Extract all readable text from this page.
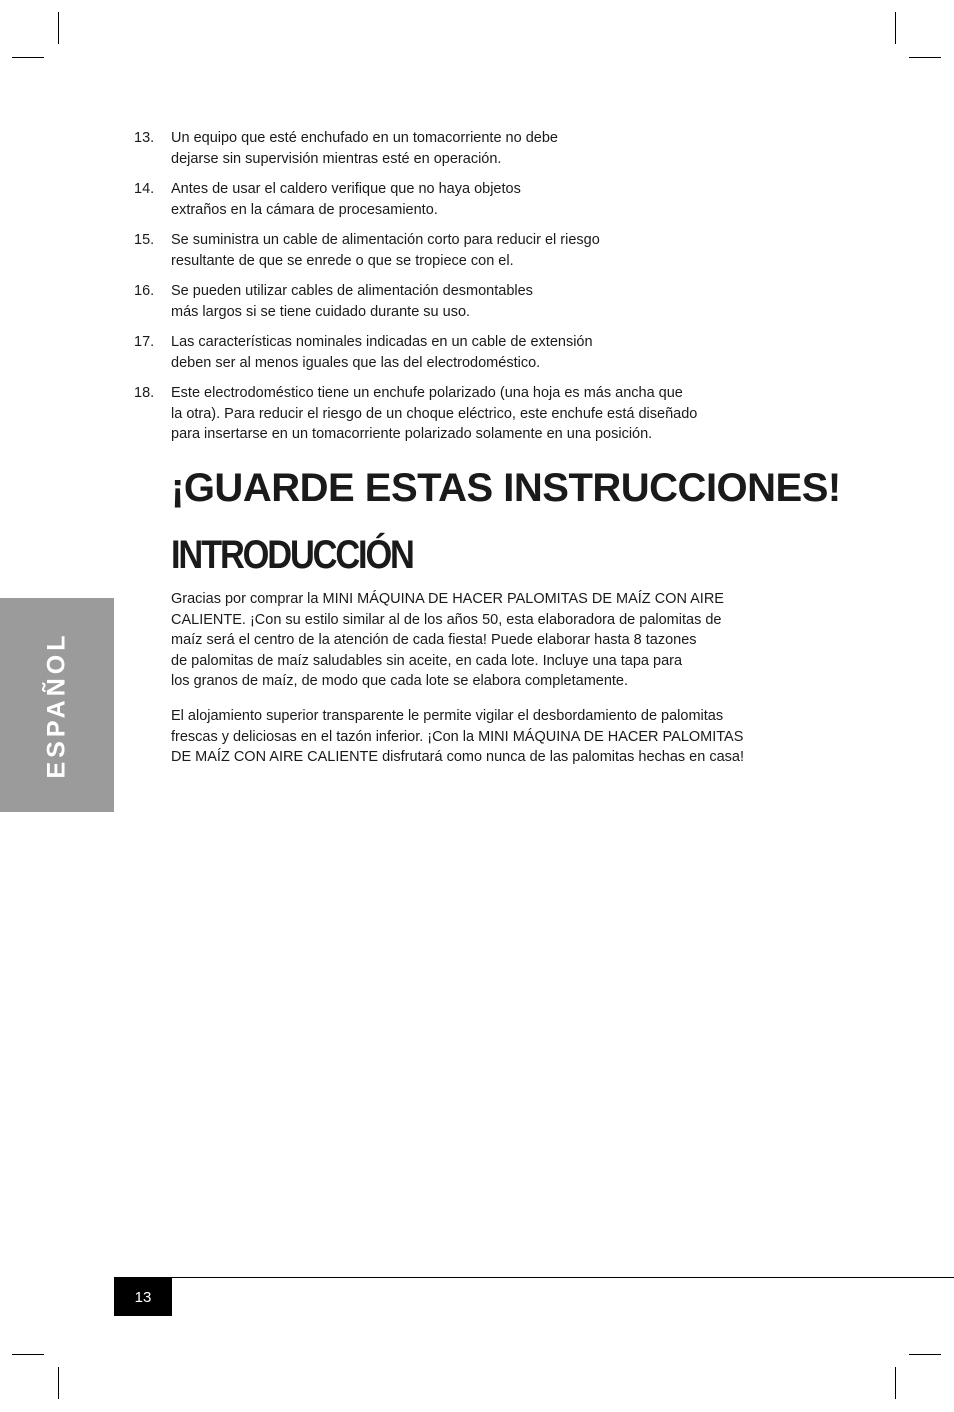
13. Un equipo que esté enchufado en un tomacorriente no debe
dejarse sin supervisión mientras esté en operación.
14. Antes de usar el caldero verifique que no haya objetos
extraños en la cámara de procesamiento.
15. Se suministra un cable de alimentación corto para reducir el riesgo
resultante de que se enrede o que se tropiece con el.
16. Se pueden utilizar cables de alimentación desmontables
más largos si se tiene cuidado durante su uso.
17. Las características nominales indicadas en un cable de extensión
deben ser al menos iguales que las del electrodoméstico.
18. Este electrodoméstico tiene un enchufe polarizado (una hoja es más ancha que
la otra). Para reducir el riesgo de un choque eléctrico, este enchufe está diseñado
para insertarse en un tomacorriente polarizado solamente en una posición.
¡GUARDE ESTAS INSTRUCCIONES!
INTRODUCCIÓN

Gracias por comprar la MINI MÁQUINA DE HACER PALOMITAS DE MAÍZ CON AIRE
CALIENTE. ¡Con su estilo similar al de los años 50, esta elaboradora de palomitas de
maíz será el centro de la atención de cada fiesta! Puede elaborar hasta 8 tazones
de palomitas de maíz saludables sin aceite, en cada lote. Incluye una tapa para
los granos de maíz, de modo que cada lote se elabora completamente.

El alojamiento superior transparente le permite vigilar el desbordamiento de palomitas
frescas y deliciosas en el tazón inferior. ¡Con la MINI MÁQUINA DE HACER PALOMITAS
DE MAÍZ CON AIRE CALIENTE disfrutará como nunca de las palomitas hechas en casa!

ESPAÑOL
13
